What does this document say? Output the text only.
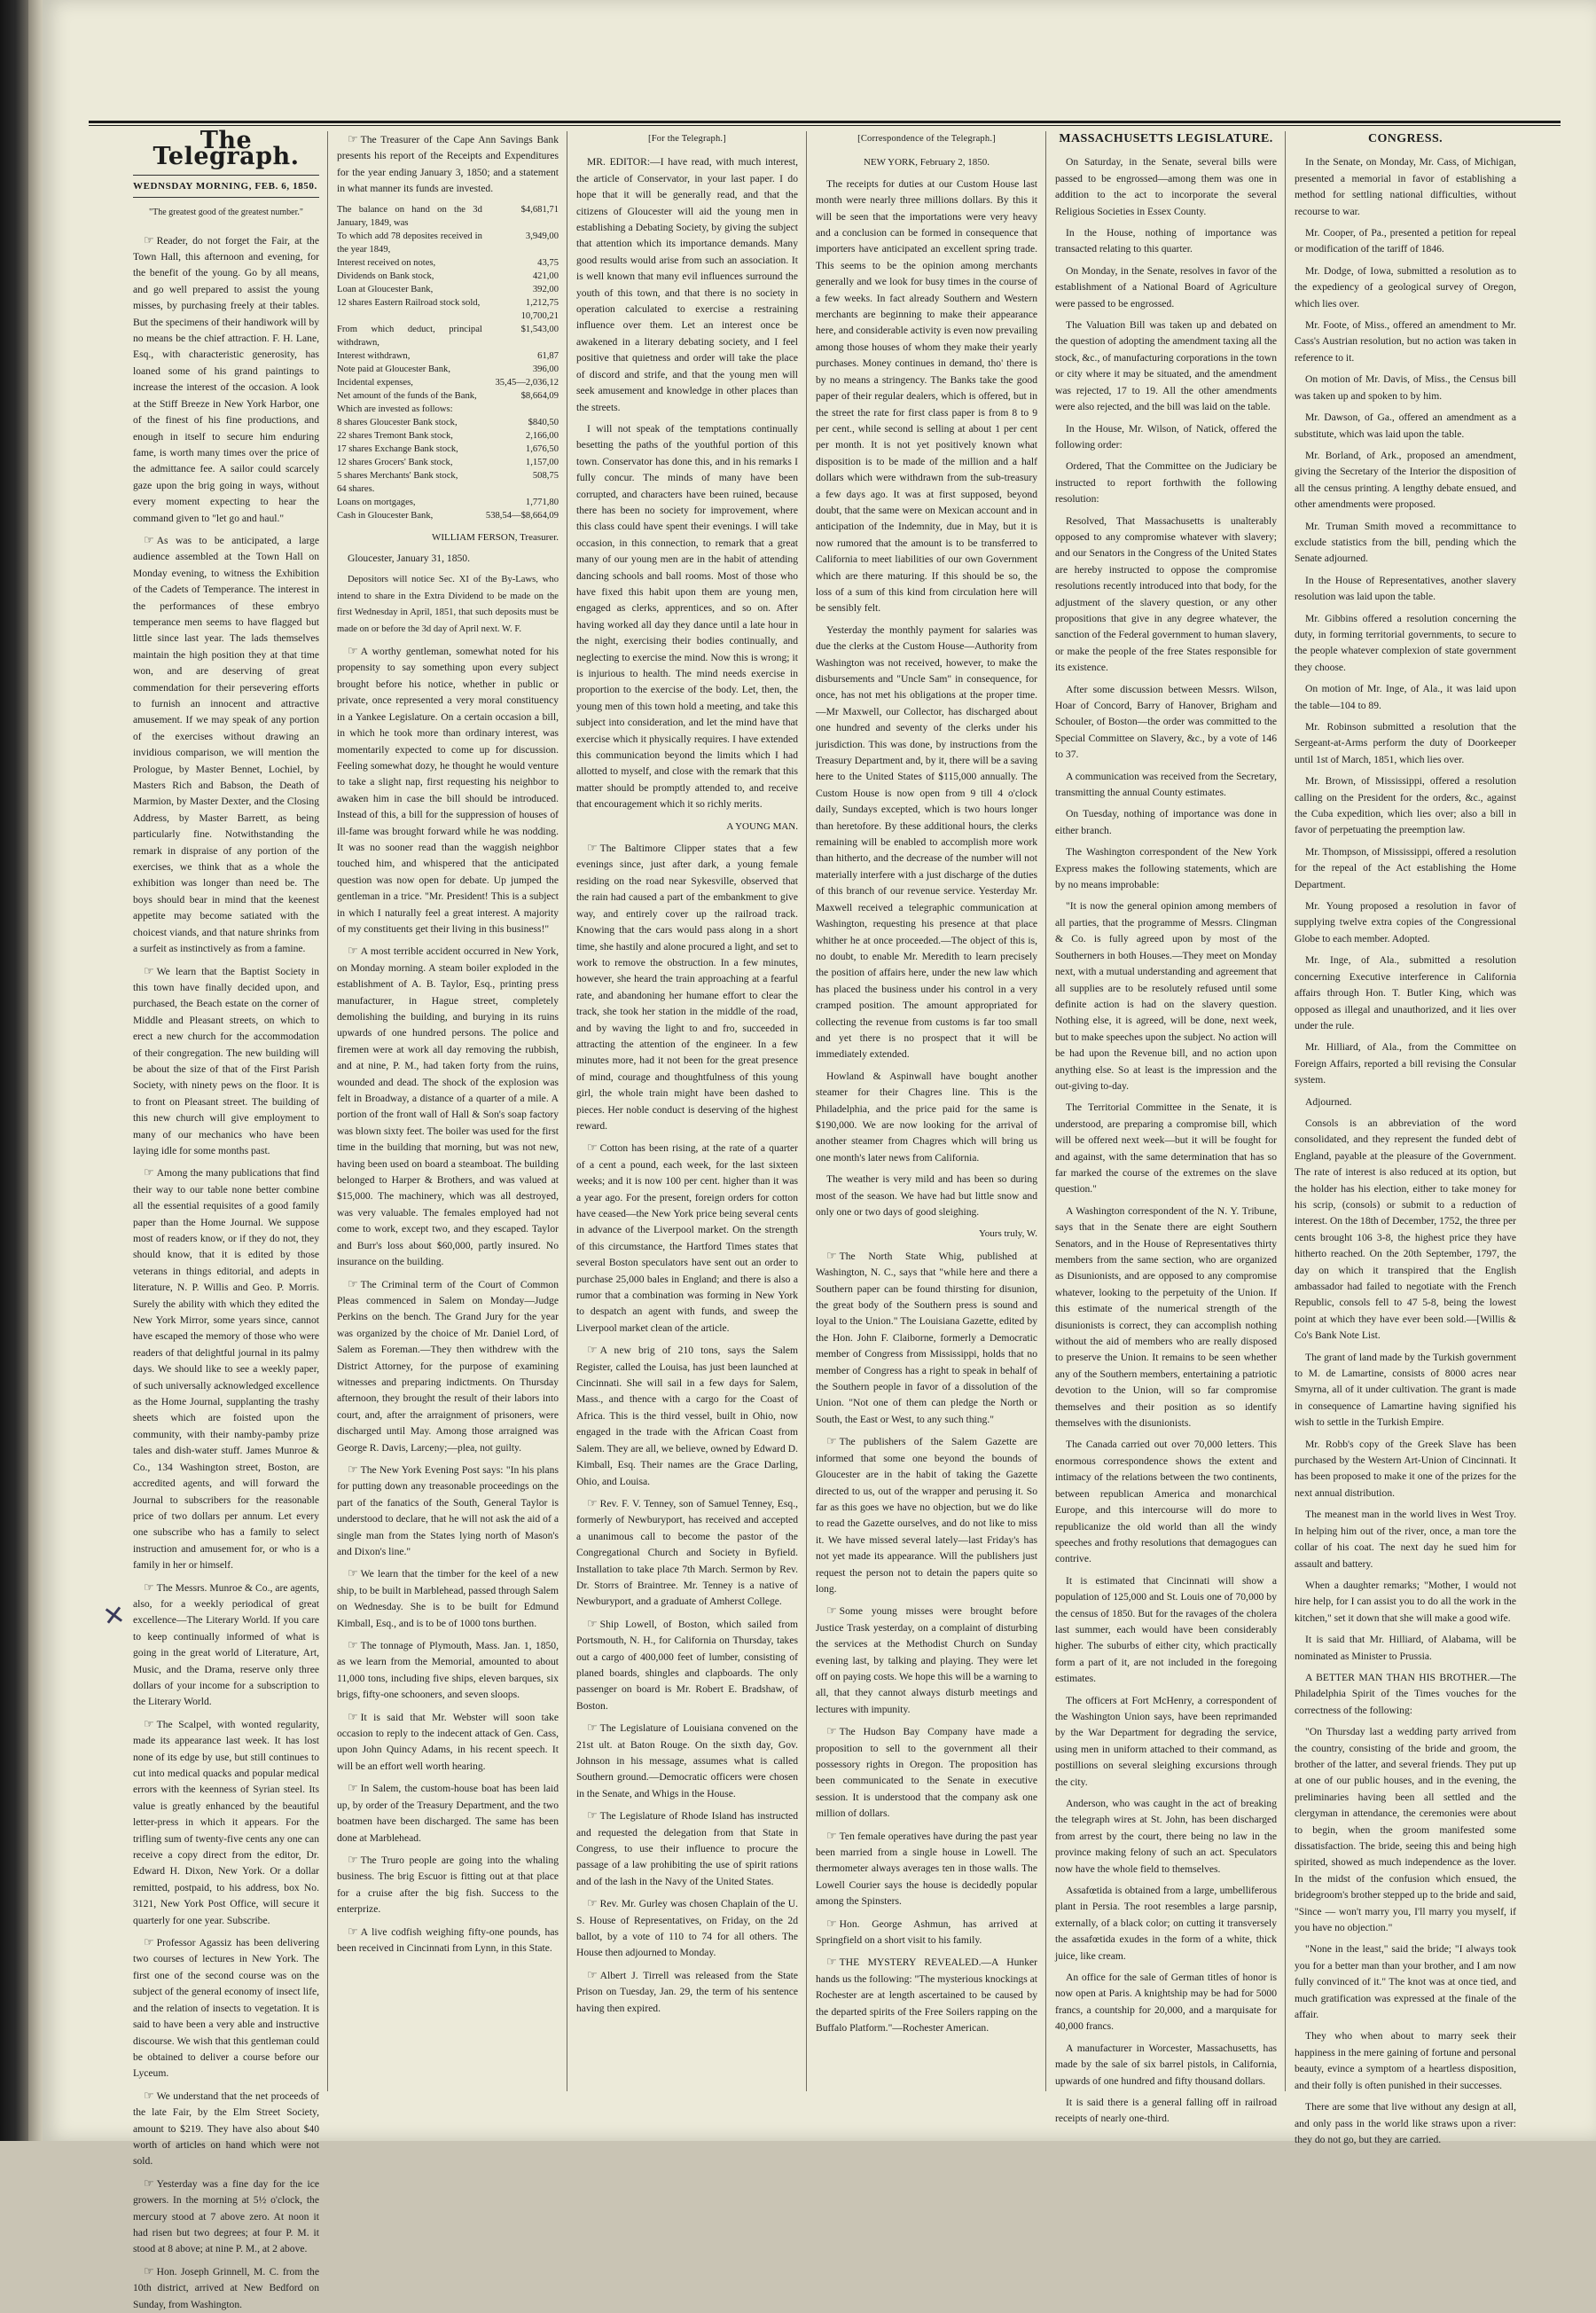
The Telegraph.
WEDNSDAY MORNING, FEB. 6, 1850.
"The greatest good of the greatest number."

☞ Reader, do not forget the Fair, at the Town Hall, this afternoon and evening, for the benefit of the young. Go by all means, and go well prepared to assist the young misses, by purchasing freely at their tables. But the specimens of their handiwork will by no means be the chief attraction. F. H. Lane, Esq., with characteristic generosity, has loaned some of his grand paintings to increase the interest of the occasion. A look at the Stiff Breeze in New York Harbor, one of the finest of his fine productions, and enough in itself to secure him enduring fame, is worth many times over the price of the admittance fee. A sailor could scarcely gaze upon the brig going in ways, without every moment expecting to hear the command given to "let go and haul."

☞ As was to be anticipated, a large audience assembled at the Town Hall on Monday evening, to witness the Exhibition of the Cadets of Temperance. The interest in the performances of these embryo temperance men seems to have flagged but little since last year. The lads themselves maintain the high position they at that time won, and are deserving of great commendation for their persevering efforts to furnish an innocent and attractive amusement. If we may speak of any portion of the exercises without drawing an invidious comparison, we will mention the Prologue, by Master Bennet, Lochiel, by Masters Rich and Babson, the Death of Marmion, by Master Dexter, and the Closing Address, by Master Barrett, as being particularly fine. Notwithstanding the remark in dispraise of any portion of the exercises, we think that as a whole the exhibition was longer than need be. The boys should bear in mind that the keenest appetite may become satiated with the choicest viands, and that nature shrinks from a surfeit as instinctively as from a famine.

☞ We learn that the Baptist Society in this town have finally decided upon, and purchased, the Beach estate on the corner of Middle and Pleasant streets, on which to erect a new church for the accommodation of their congregation. The new building will be about the size of that of the First Parish Society, with ninety pews on the floor. It is to front on Pleasant street. The building of this new church will give employment to many of our mechanics who have been laying idle for some months past.

☞ Among the many publications that find their way to our table none better combine all the essential requisites of a good family paper than the Home Journal. We suppose most of readers know, or if they do not, they should know, that it is edited by those veterans in things editorial, and adepts in literature, N. P. Willis and Geo. P. Morris. Surely the ability with which they edited the New York Mirror, some years since, cannot have escaped the memory of those who were readers of that delightful journal in its palmy days. We should like to see a weekly paper, of such universally acknowledged excellence as the Home Journal, supplanting the trashy sheets which are foisted upon the community, with their namby-pamby prize tales and dish-water stuff. James Munroe & Co., 134 Washington street, Boston, are accredited agents, and will forward the Journal to subscribers for the reasonable price of two dollars per annum. Let every one subscribe who has a family to select instruction and amusement for, or who is a family in her or himself.

☞ The Messrs. Munroe & Co., are agents, also, for a weekly periodical of great excellence—The Literary World. If you care to keep continually informed of what is going in the great world of Literature, Art, Music, and the Drama, reserve only three dollars of your income for a subscription to the Literary World.

☞ The Scalpel, with wonted regularity, made its appearance last week. It has lost none of its edge by use, but still continues to cut into medical quacks and popular medical errors with the keenness of Syrian steel. Its value is greatly enhanced by the beautiful letter-press in which it appears. For the trifling sum of twenty-five cents any one can receive a copy direct from the editor, Dr. Edward H. Dixon, New York. Or a dollar remitted, postpaid, to his address, box No. 3121, New York Post Office, will secure it quarterly for one year. Subscribe.

☞ Professor Agassiz has been delivering two courses of lectures in New York. The first one of the second course was on the subject of the general economy of insect life, and the relation of insects to vegetation. It is said to have been a very able and instructive discourse. We wish that this gentleman could be obtained to deliver a course before our Lyceum.

☞ We understand that the net proceeds of the late Fair, by the Elm Street Society, amount to $219. They have also about $40 worth of articles on hand which were not sold.

☞ Yesterday was a fine day for the ice growers. In the morning at 5½ o'clock, the mercury stood at 7 above zero. At noon it had risen but two degrees; at four P. M. it stood at 8 above; at nine P. M., at 2 above.

☞ Hon. Joseph Grinnell, M. C. from the 10th district, arrived at New Bedford on Sunday, from Washington.

☞ The Treasurer of the Cape Ann Savings Bank presents his report of the Receipts and Expenditures for the year ending January 3, 1850; and a statement in what manner its funds are invested.

The balance on hand on the 3d January, 1849, was	$4,681,71
To which add 78 deposites received in the year 1849,	3,949,00
Interest received on notes,	43,75
Dividends on Bank stock,	421,00
Loan at Gloucester Bank,	392,00
12 shares Eastern Railroad stock sold,	1,212,75
	10,700,21
From which deduct, principal withdrawn,	$1,543,00
Interest withdrawn,	61,87
Note paid at Gloucester Bank,	396,00
Incidental expenses,	35,45—2,036,12
Net amount of the funds of the Bank,	$8,664,09
Which are invested as follows:	
8 shares Gloucester Bank stock,	$840,50
22 shares Tremont Bank stock,	2,166,00
17 shares Exchange Bank stock,	1,676,50
12 shares Grocers' Bank stock,	1,157,00
5 shares Merchants' Bank stock,	508,75
64 shares.	
Loans on mortgages,	1,771,80
Cash in Gloucester Bank,	538,54—$8,664,09

WILLIAM FERSON, Treasurer.

Gloucester, January 31, 1850.

Depositors will notice Sec. XI of the By-Laws, who intend to share in the Extra Dividend to be made on the first Wednesday in April, 1851, that such deposits must be made on or before the 3d day of April next. W. F.

☞ A worthy gentleman, somewhat noted for his propensity to say something upon every subject brought before his notice, whether in public or private, once represented a very moral constituency in a Yankee Legislature. On a certain occasion a bill, in which he took more than ordinary interest, was momentarily expected to come up for discussion. Feeling somewhat dozy, he thought he would venture to take a slight nap, first requesting his neighbor to awaken him in case the bill should be introduced. Instead of this, a bill for the suppression of houses of ill-fame was brought forward while he was nodding. It was no sooner read than the waggish neighbor touched him, and whispered that the anticipated question was now open for debate. Up jumped the gentleman in a trice. "Mr. President! This is a subject in which I naturally feel a great interest. A majority of my constituents get their living in this business!"

☞ A most terrible accident occurred in New York, on Monday morning. A steam boiler exploded in the establishment of A. B. Taylor, Esq., printing press manufacturer, in Hague street, completely demolishing the building, and burying in its ruins upwards of one hundred persons. The police and firemen were at work all day removing the rubbish, and at nine, P. M., had taken forty from the ruins, wounded and dead. The shock of the explosion was felt in Broadway, a distance of a quarter of a mile. A portion of the front wall of Hall & Son's soap factory was blown sixty feet. The boiler was used for the first time in the building that morning, but was not new, having been used on board a steamboat. The building belonged to Harper & Brothers, and was valued at $15,000. The machinery, which was all destroyed, was very valuable. The females employed had not come to work, except two, and they escaped. Taylor and Burr's loss about $60,000, partly insured. No insurance on the building.

☞ The Criminal term of the Court of Common Pleas commenced in Salem on Monday—Judge Perkins on the bench. The Grand Jury for the year was organized by the choice of Mr. Daniel Lord, of Salem as Foreman.—They then withdrew with the District Attorney, for the purpose of examining witnesses and preparing indictments. On Thursday afternoon, they brought the result of their labors into court, and, after the arraignment of prisoners, were discharged until May. Among those arraigned was George R. Davis, Larceny;—plea, not guilty.

☞ The New York Evening Post says: "In his plans for putting down any treasonable proceedings on the part of the fanatics of the South, General Taylor is understood to declare, that he will not ask the aid of a single man from the States lying north of Mason's and Dixon's line."

☞ We learn that the timber for the keel of a new ship, to be built in Marblehead, passed through Salem on Wednesday. She is to be built for Edmund Kimball, Esq., and is to be of 1000 tons burthen.

☞ The tonnage of Plymouth, Mass. Jan. 1, 1850, as we learn from the Memorial, amounted to about 11,000 tons, including five ships, eleven barques, six brigs, fifty-one schooners, and seven sloops.

☞ It is said that Mr. Webster will soon take occasion to reply to the indecent attack of Gen. Cass, upon John Quincy Adams, in his recent speech. It will be an effort well worth hearing.

☞ In Salem, the custom-house boat has been laid up, by order of the Treasury Department, and the two boatmen have been discharged. The same has been done at Marblehead.

☞ The Truro people are going into the whaling business. The brig Escuor is fitting out at that place for a cruise after the big fish. Success to the enterprize.

☞ A live codfish weighing fifty-one pounds, has been received in Cincinnati from Lynn, in this State.

[For the Telegraph.]

MR. EDITOR:—I have read, with much interest, the article of Conservator, in your last paper. I do hope that it will be generally read, and that the citizens of Gloucester will aid the young men in establishing a Debating Society, by giving the subject that attention which its importance demands. Many good results would arise from such an association. It is well known that many evil influences surround the youth of this town, and that there is no society in operation calculated to exercise a restraining influence over them. Let an interest once be awakened in a literary debating society, and I feel positive that quietness and order will take the place of discord and strife, and that the young men will seek amusement and knowledge in other places than the streets.

I will not speak of the temptations continually besetting the paths of the youthful portion of this town. Conservator has done this, and in his remarks I fully concur. The minds of many have been corrupted, and characters have been ruined, because there has been no society for improvement, where this class could have spent their evenings. I will take occasion, in this connection, to remark that a great many of our young men are in the habit of attending dancing schools and ball rooms. Most of those who have fixed this habit upon them are young men, engaged as clerks, apprentices, and so on. After having worked all day they dance until a late hour in the night, exercising their bodies continually, and neglecting to exercise the mind. Now this is wrong; it is injurious to health. The mind needs exercise in proportion to the exercise of the body. Let, then, the young men of this town hold a meeting, and take this subject into consideration, and let the mind have that exercise which it physically requires. I have extended this communication beyond the limits which I had allotted to myself, and close with the remark that this matter should be promptly attended to, and receive that encouragement which it so richly merits.

A YOUNG MAN.

☞ The Baltimore Clipper states that a few evenings since, just after dark, a young female residing on the road near Sykesville, observed that the rain had caused a part of the embankment to give way, and entirely cover up the railroad track. Knowing that the cars would pass along in a short time, she hastily and alone procured a light, and set to work to remove the obstruction. In a few minutes, however, she heard the train approaching at a fearful rate, and abandoning her humane effort to clear the track, she took her station in the middle of the road, and by waving the light to and fro, succeeded in attracting the attention of the engineer. In a few minutes more, had it not been for the great presence of mind, courage and thoughtfulness of this young girl, the whole train might have been dashed to pieces. Her noble conduct is deserving of the highest reward.

☞ Cotton has been rising, at the rate of a quarter of a cent a pound, each week, for the last sixteen weeks; and it is now 100 per cent. higher than it was a year ago. For the present, foreign orders for cotton have ceased—the New York price being several cents in advance of the Liverpool market. On the strength of this circumstance, the Hartford Times states that several Boston speculators have sent out an order to purchase 25,000 bales in England; and there is also a rumor that a combination was forming in New York to despatch an agent with funds, and sweep the Liverpool market clean of the article.

☞ A new brig of 210 tons, says the Salem Register, called the Louisa, has just been launched at Cincinnati. She will sail in a few days for Salem, Mass., and thence with a cargo for the Coast of Africa. This is the third vessel, built in Ohio, now engaged in the trade with the African Coast from Salem. They are all, we believe, owned by Edward D. Kimball, Esq. Their names are the Grace Darling, Ohio, and Louisa.

☞ Rev. F. V. Tenney, son of Samuel Tenney, Esq., formerly of Newburyport, has received and accepted a unanimous call to become the pastor of the Congregational Church and Society in Byfield. Installation to take place 7th March. Sermon by Rev. Dr. Storrs of Braintree. Mr. Tenney is a native of Newburyport, and a graduate of Amherst College.

☞ Ship Lowell, of Boston, which sailed from Portsmouth, N. H., for California on Thursday, takes out a cargo of 400,000 feet of lumber, consisting of planed boards, shingles and clapboards. The only passenger on board is Mr. Robert E. Bradshaw, of Boston.

☞ The Legislature of Louisiana convened on the 21st ult. at Baton Rouge. On the sixth day, Gov. Johnson in his message, assumes what is called Southern ground.—Democratic officers were chosen in the Senate, and Whigs in the House.

☞ The Legislature of Rhode Island has instructed and requested the delegation from that State in Congress, to use their influence to procure the passage of a law prohibiting the use of spirit rations and of the lash in the Navy of the United States.

☞ Rev. Mr. Gurley was chosen Chaplain of the U. S. House of Representatives, on Friday, on the 2d ballot, by a vote of 110 to 74 for all others. The House then adjourned to Monday.

☞ Albert J. Tirrell was released from the State Prison on Tuesday, Jan. 29, the term of his sentence having then expired.

[Correspondence of the Telegraph.]

NEW YORK, February 2, 1850.

The receipts for duties at our Custom House last month were nearly three millions dollars. By this it will be seen that the importations were very heavy and a conclusion can be formed in consequence that importers have anticipated an excellent spring trade. This seems to be the opinion among merchants generally and we look for busy times in the course of a few weeks. In fact already Southern and Western merchants are beginning to make their appearance here, and considerable activity is even now prevailing among those houses of whom they make their yearly purchases. Money continues in demand, tho' there is by no means a stringency. The Banks take the good paper of their regular dealers, which is offered, but in the street the rate for first class paper is from 8 to 9 per cent., while second is selling at about 1 per cent per month. It is not yet positively known what disposition is to be made of the million and a half dollars which were withdrawn from the sub-treasury a few days ago. It was at first supposed, beyond doubt, that the same were on Mexican account and in anticipation of the Indemnity, due in May, but it is now rumored that the amount is to be transferred to California to meet liabilities of our own Government which are there maturing. If this should be so, the loss of a sum of this kind from circulation here will be sensibly felt.

Yesterday the monthly payment for salaries was due the clerks at the Custom House—Authority from Washington was not received, however, to make the disbursements and "Uncle Sam" in consequence, for once, has not met his obligations at the proper time.—Mr Maxwell, our Collector, has discharged about one hundred and seventy of the clerks under his jurisdiction. This was done, by instructions from the Treasury Department and, by it, there will be a saving here to the United States of $115,000 annually. The Custom House is now open from 9 till 4 o'clock daily, Sundays excepted, which is two hours longer than heretofore. By these additional hours, the clerks remaining will be enabled to accomplish more work than hitherto, and the decrease of the number will not materially interfere with a just discharge of the duties of this branch of our revenue service. Yesterday Mr. Maxwell received a telegraphic communication at Washington, requesting his presence at that place whither he at once proceeded.—The object of this is, no doubt, to enable Mr. Meredith to learn precisely the position of affairs here, under the new law which has placed the business under his control in a very cramped position. The amount appropriated for collecting the revenue from customs is far too small and yet there is no prospect that it will be immediately extended.

Howland & Aspinwall have bought another steamer for their Chagres line. This is the Philadelphia, and the price paid for the same is $190,000. We are now looking for the arrival of another steamer from Chagres which will bring us one month's later news from California.

The weather is very mild and has been so during most of the season. We have had but little snow and only one or two days of good sleighing.

Yours truly, W.

☞ The North State Whig, published at Washington, N. C., says that "while here and there a Southern paper can be found thirsting for disunion, the great body of the Southern press is sound and loyal to the Union." The Louisiana Gazette, edited by the Hon. John F. Claiborne, formerly a Democratic member of Congress from Mississippi, holds that no member of Congress has a right to speak in behalf of the Southern people in favor of a dissolution of the Union. "Not one of them can pledge the North or South, the East or West, to any such thing."

☞ The publishers of the Salem Gazette are informed that some one beyond the bounds of Gloucester are in the habit of taking the Gazette directed to us, out of the wrapper and perusing it. So far as this goes we have no objection, but we do like to read the Gazette ourselves, and do not like to miss it. We have missed several lately—last Friday's has not yet made its appearance. Will the publishers just request the person not to detain the papers quite so long.

☞ Some young misses were brought before Justice Trask yesterday, on a complaint of disturbing the services at the Methodist Church on Sunday evening last, by talking and playing. They were let off on paying costs. We hope this will be a warning to all, that they cannot always disturb meetings and lectures with impunity.

☞ The Hudson Bay Company have made a proposition to sell to the government all their possessory rights in Oregon. The proposition has been communicated to the Senate in executive session. It is understood that the company ask one million of dollars.

☞ Ten female operatives have during the past year been married from a single house in Lowell. The thermometer always averages ten in those walls. The Lowell Courier says the house is decidedly popular among the Spinsters.

☞ Hon. George Ashmun, has arrived at Springfield on a short visit to his family.

☞ THE MYSTERY REVEALED.—A Hunker hands us the following: "The mysterious knockings at Rochester are at length ascertained to be caused by the departed spirits of the Free Soilers rapping on the Buffalo Platform."—Rochester American.

MASSACHUSETTS LEGISLATURE.

On Saturday, in the Senate, several bills were passed to be engrossed—among them was one in addition to the act to incorporate the several Religious Societies in Essex County.

In the House, nothing of importance was transacted relating to this quarter.

On Monday, in the Senate, resolves in favor of the establishment of a National Board of Agriculture were passed to be engrossed.

The Valuation Bill was taken up and debated on the question of adopting the amendment taxing all the stock, &c., of manufacturing corporations in the town or city where it may be situated, and the amendment was rejected, 17 to 19. All the other amendments were also rejected, and the bill was laid on the table.

In the House, Mr. Wilson, of Natick, offered the following order:

Ordered, That the Committee on the Judiciary be instructed to report forthwith the following resolution:

Resolved, That Massachusetts is unalterably opposed to any compromise whatever with slavery; and our Senators in the Congress of the United States are hereby instructed to oppose the compromise resolutions recently introduced into that body, for the adjustment of the slavery question, or any other propositions that give in any degree whatever, the sanction of the Federal government to human slavery, or make the people of the free States responsible for its existence.

After some discussion between Messrs. Wilson, Hoar of Concord, Barry of Hanover, Brigham and Schouler, of Boston—the order was committed to the Special Committee on Slavery, &c., by a vote of 146 to 37.

A communication was received from the Secretary, transmitting the annual County estimates.

On Tuesday, nothing of importance was done in either branch.

The Washington correspondent of the New York Express makes the following statements, which are by no means improbable:

"It is now the general opinion among members of all parties, that the programme of Messrs. Clingman & Co. is fully agreed upon by most of the Southerners in both Houses.—They meet on Monday next, with a mutual understanding and agreement that all supplies are to be resolutely refused until some definite action is had on the slavery question. Nothing else, it is agreed, will be done, next week, but to make speeches upon the subject. No action will be had upon the Revenue bill, and no action upon anything else. So at least is the impression and the out-giving to-day.

The Territorial Committee in the Senate, it is understood, are preparing a compromise bill, which will be offered next week—but it will be fought for and against, with the same determination that has so far marked the course of the extremes on the slave question."

A Washington correspondent of the N. Y. Tribune, says that in the Senate there are eight Southern Senators, and in the House of Representatives thirty members from the same section, who are organized as Disunionists, and are opposed to any compromise whatever, looking to the perpetuity of the Union. If this estimate of the numerical strength of the disunionists is correct, they can accomplish nothing without the aid of members who are really disposed to preserve the Union. It remains to be seen whether any of the Southern members, entertaining a patriotic devotion to the Union, will so far compromise themselves and their position as so identify themselves with the disunionists.

The Canada carried out over 70,000 letters. This enormous correspondence shows the extent and intimacy of the relations between the two continents, between republican America and monarchical Europe, and this intercourse will do more to republicanize the old world than all the windy speeches and frothy resolutions that demagogues can contrive.

It is estimated that Cincinnati will show a population of 125,000 and St. Louis one of 70,000 by the census of 1850. But for the ravages of the cholera last summer, each would have been considerably higher. The suburbs of either city, which practically form a part of it, are not included in the foregoing estimates.

The officers at Fort McHenry, a correspondent of the Washington Union says, have been reprimanded by the War Department for degrading the service, using men in uniform attached to their command, as postillions on several sleighing excursions through the city.

Anderson, who was caught in the act of breaking the telegraph wires at St. John, has been discharged from arrest by the court, there being no law in the province making felony of such an act. Speculators now have the whole field to themselves.

Assafœtida is obtained from a large, umbelliferous plant in Persia. The root resembles a large parsnip, externally, of a black color; on cutting it transversely the assafœtida exudes in the form of a white, thick juice, like cream.

An office for the sale of German titles of honor is now open at Paris. A knightship may be had for 5000 francs, a countship for 20,000, and a marquisate for 40,000 francs.

A manufacturer in Worcester, Massachusetts, has made by the sale of six barrel pistols, in California, upwards of one hundred and fifty thousand dollars.

It is said there is a general falling off in railroad receipts of nearly one-third.

CONGRESS.

In the Senate, on Monday, Mr. Cass, of Michigan, presented a memorial in favor of establishing a method for settling national difficulties, without recourse to war.

Mr. Cooper, of Pa., presented a petition for repeal or modification of the tariff of 1846.

Mr. Dodge, of Iowa, submitted a resolution as to the expediency of a geological survey of Oregon, which lies over.

Mr. Foote, of Miss., offered an amendment to Mr. Cass's Austrian resolution, but no action was taken in reference to it.

On motion of Mr. Davis, of Miss., the Census bill was taken up and spoken to by him.

Mr. Dawson, of Ga., offered an amendment as a substitute, which was laid upon the table.

Mr. Borland, of Ark., proposed an amendment, giving the Secretary of the Interior the disposition of all the census printing. A lengthy debate ensued, and other amendments were proposed.

Mr. Truman Smith moved a recommittance to exclude statistics from the bill, pending which the Senate adjourned.

In the House of Representatives, another slavery resolution was laid upon the table.

Mr. Gibbins offered a resolution concerning the duty, in forming territorial governments, to secure to the people whatever complexion of state government they choose.

On motion of Mr. Inge, of Ala., it was laid upon the table—104 to 89.

Mr. Robinson submitted a resolution that the Sergeant-at-Arms perform the duty of Doorkeeper until 1st of March, 1851, which lies over.

Mr. Brown, of Mississippi, offered a resolution calling on the President for the orders, &c., against the Cuba expedition, which lies over; also a bill in favor of perpetuating the preemption law.

Mr. Thompson, of Mississippi, offered a resolution for the repeal of the Act establishing the Home Department.

Mr. Young proposed a resolution in favor of supplying twelve extra copies of the Congressional Globe to each member. Adopted.

Mr. Inge, of Ala., submitted a resolution concerning Executive interference in California affairs through Hon. T. Butler King, which was opposed as illegal and unauthorized, and it lies over under the rule.

Mr. Hilliard, of Ala., from the Committee on Foreign Affairs, reported a bill revising the Consular system.

Adjourned.

Consols is an abbreviation of the word consolidated, and they represent the funded debt of England, payable at the pleasure of the Government. The rate of interest is also reduced at its option, but the holder has his election, either to take money for his scrip, (consols) or submit to a reduction of interest. On the 18th of December, 1752, the three per cents brought 106 3-8, the highest price they have hitherto reached. On the 20th September, 1797, the day on which it transpired that the English ambassador had failed to negotiate with the French Republic, consols fell to 47 5-8, being the lowest point at which they have ever been sold.—[Willis & Co's Bank Note List.

The grant of land made by the Turkish government to M. de Lamartine, consists of 8000 acres near Smyrna, all of it under cultivation. The grant is made in consequence of Lamartine having signified his wish to settle in the Turkish Empire.

Mr. Robb's copy of the Greek Slave has been purchased by the Western Art-Union of Cincinnati. It has been proposed to make it one of the prizes for the next annual distribution.

The meanest man in the world lives in West Troy. In helping him out of the river, once, a man tore the collar of his coat. The next day he sued him for assault and battery.

When a daughter remarks; "Mother, I would not hire help, for I can assist you to do all the work in the kitchen," set it down that she will make a good wife.

It is said that Mr. Hilliard, of Alabama, will be nominated as Minister to Prussia.

A BETTER MAN THAN HIS BROTHER.—The Philadelphia Spirit of the Times vouches for the correctness of the following:

"On Thursday last a wedding party arrived from the country, consisting of the bride and groom, the brother of the latter, and several friends. They put up at one of our public houses, and in the evening, the preliminaries having been all settled and the clergyman in attendance, the ceremonies were about to begin, when the groom manifested some dissatisfaction. The bride, seeing this and being high spirited, showed as much independence as the lover. In the midst of the confusion which ensued, the bridegroom's brother stepped up to the bride and said, "Since — won't marry you, I'll marry you myself, if you have no objection."

"None in the least," said the bride; "I always took you for a better man than your brother, and I am now fully convinced of it." The knot was at once tied, and much gratification was expressed at the finale of the affair.

They who when about to marry seek their happiness in the mere gaining of fortune and personal beauty, evince a symptom of a heartless disposition, and their folly is often punished in their successes.

There are some that live without any design at all, and only pass in the world like straws upon a river: they do not go, but they are carried.

✕
